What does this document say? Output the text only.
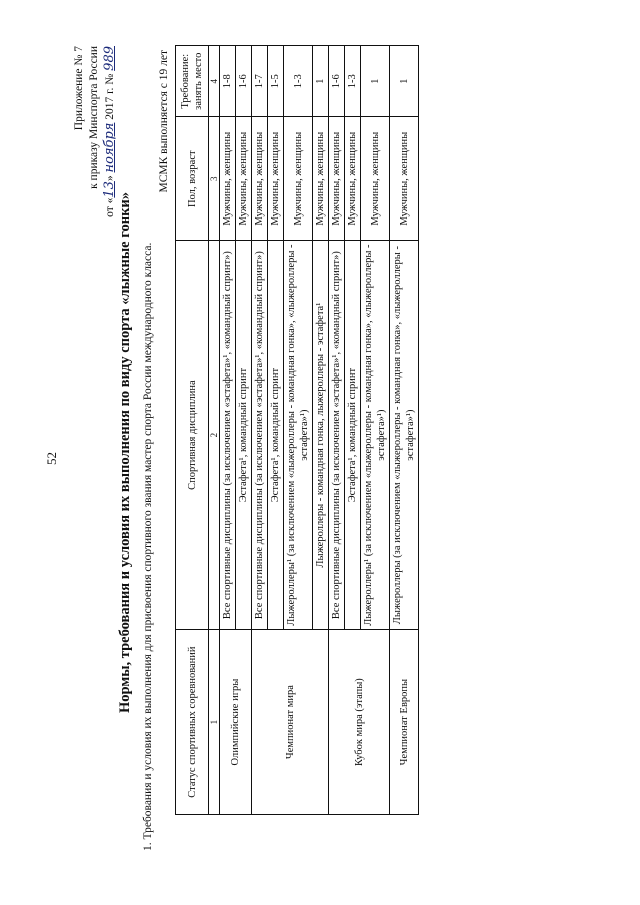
52
Приложение № 7 к приказу Минспорта России
от «13» ноября 2017 г. № 989
Нормы, требования и условия их выполнения по виду спорта «лыжные гонки» 1. Требования и условия их выполнения для присвоения спортивного звания мастер спорта России международного класса.
МСМК выполняется с 19 лет
Статус спортивных соревнований	Спортивная дисциплина	Пол, возраст	Требование: занять место
1	2	3	4
Олимпийские игры	Все спортивные дисциплины (за исключением «эстафета»¹, «командный спринт»)	Мужчины, женщины	1-8
	Эстафета¹, командный спринт	Мужчины, женщины	1-6
Чемпионат мира	Все спортивные дисциплины (за исключением «эстафета»¹, «командный спринт»)	Мужчины, женщины	1-7
	Эстафета¹, командный спринт	Мужчины, женщины	1-5
	Лыжероллеры¹ (за исключением «лыжероллеры - командная гонка», «лыжероллеры - эстафета»¹)	Мужчины, женщины	1-3
	Лыжероллеры - командная гонка, лыжероллеры - эстафета¹	Мужчины, женщины	1
Кубок мира (этапы)	Все спортивные дисциплины (за исключением «эстафета»¹, «командный спринт»)	Мужчины, женщины	1-6
	Эстафета¹, командный спринт	Мужчины, женщины	1-3
	Лыжероллеры¹ (за исключением «лыжероллеры - командная гонка», «лыжероллеры - эстафета»¹)	Мужчины, женщины	1
Чемпионат Европы	Лыжероллеры (за исключением «лыжероллеры - командная гонка», «лыжероллеры - эстафета»¹)	Мужчины, женщины	1
